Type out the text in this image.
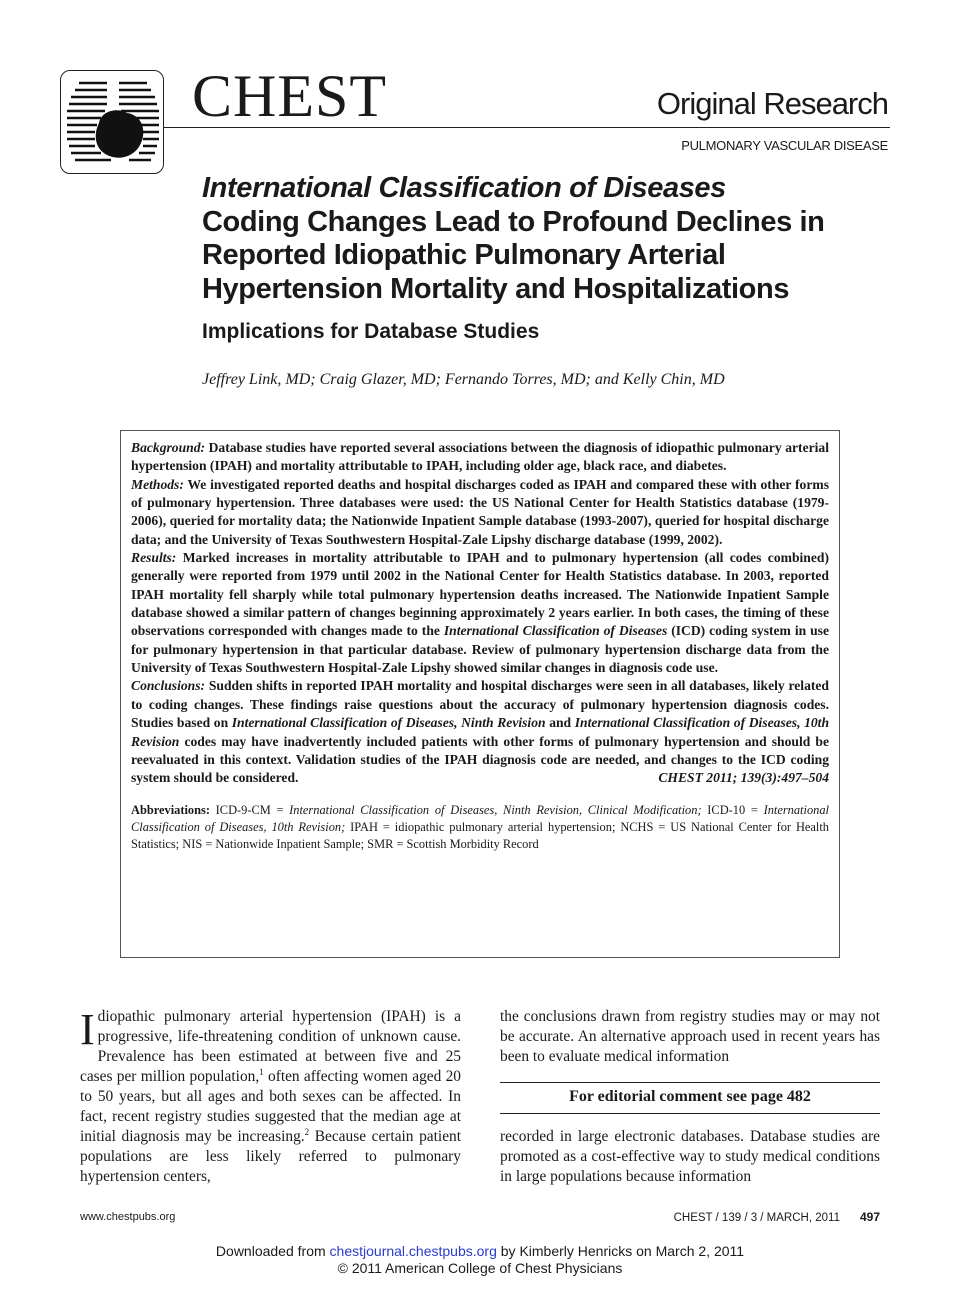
CHEST	Original Research
PULMONARY VASCULAR DISEASE
International Classification of Diseases
Coding Changes Lead to Profound Declines in Reported Idiopathic Pulmonary Arterial Hypertension Mortality and Hospitalizations
Implications for Database Studies
Jeffrey Link, MD; Craig Glazer, MD; Fernando Torres, MD; and Kelly Chin, MD
Background: Database studies have reported several associations between the diagnosis of idiopathic pulmonary arterial hypertension (IPAH) and mortality attributable to IPAH, including older age, black race, and diabetes.
Methods: We investigated reported deaths and hospital discharges coded as IPAH and compared these with other forms of pulmonary hypertension. Three databases were used: the US National Center for Health Statistics database (1979-2006), queried for mortality data; the Nationwide Inpatient Sample database (1993-2007), queried for hospital discharge data; and the University of Texas Southwestern Hospital-Zale Lipshy discharge database (1999, 2002).
Results: Marked increases in mortality attributable to IPAH and to pulmonary hypertension (all codes combined) generally were reported from 1979 until 2002 in the National Center for Health Statistics database. In 2003, reported IPAH mortality fell sharply while total pulmonary hypertension deaths increased. The Nationwide Inpatient Sample database showed a similar pattern of changes beginning approximately 2 years earlier. In both cases, the timing of these observations corresponded with changes made to the International Classification of Diseases (ICD) coding system in use for pulmonary hypertension in that particular database. Review of pulmonary hypertension discharge data from the University of Texas Southwestern Hospital-Zale Lipshy showed similar changes in diagnosis code use.
Conclusions: Sudden shifts in reported IPAH mortality and hospital discharges were seen in all databases, likely related to coding changes. These findings raise questions about the accuracy of pulmonary hypertension diagnosis codes. Studies based on International Classification of Diseases, Ninth Revision and International Classification of Diseases, 10th Revision codes may have inadvertently included patients with other forms of pulmonary hypertension and should be reevaluated in this context. Validation studies of the IPAH diagnosis code are needed, and changes to the ICD coding system should be considered.	CHEST 2011; 139(3):497–504
Abbreviations: ICD-9-CM = International Classification of Diseases, Ninth Revision, Clinical Modification; ICD-10 = International Classification of Diseases, 10th Revision; IPAH = idiopathic pulmonary arterial hypertension; NCHS = US National Center for Health Statistics; NIS = Nationwide Inpatient Sample; SMR = Scottish Morbidity Record
Idiopathic pulmonary arterial hypertension (IPAH) is a progressive, life-threatening condition of unknown cause. Prevalence has been estimated at between five and 25 cases per million population,$^1$ often affecting women aged 20 to 50 years, but all ages and both sexes can be affected. In fact, recent registry studies suggested that the median age at initial diagnosis may be increasing.$^2$ Because certain patient populations are less likely referred to pulmonary hypertension centers,
the conclusions drawn from registry studies may or may not be accurate. An alternative approach used in recent years has been to evaluate medical information
For editorial comment see page 482
recorded in large electronic databases. Database studies are promoted as a cost-effective way to study medical conditions in large populations because information
www.chestpubs.org	CHEST / 139 / 3 / MARCH, 2011 497
Downloaded from chestjournal.chestpubs.org by Kimberly Henricks on March 2, 2011
© 2011 American College of Chest Physicians
